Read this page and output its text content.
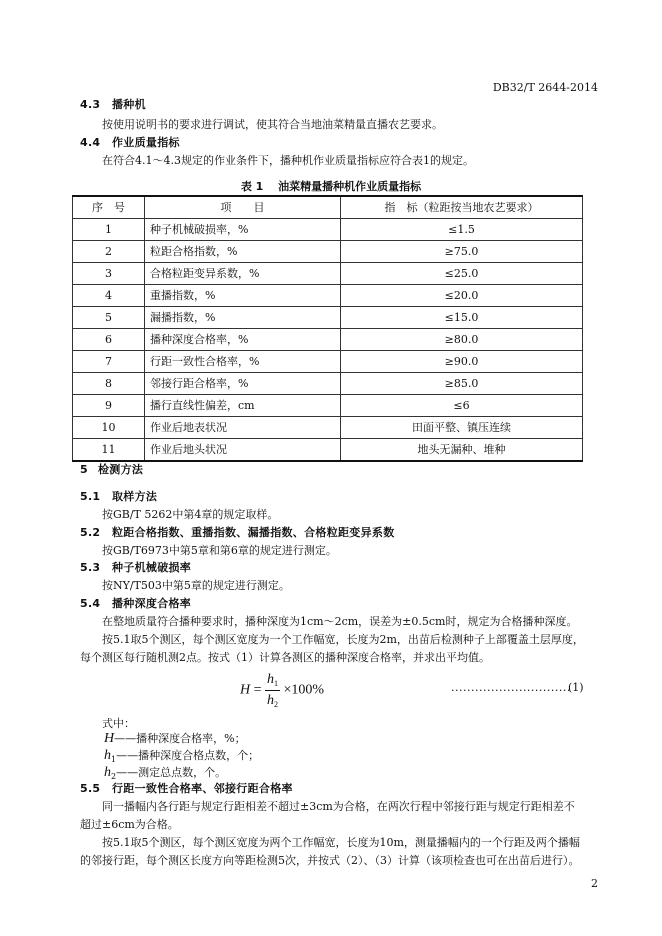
DB32/T 2644-2014
4.3 播种机
按使用说明书的要求进行调试，使其符合当地油菜精量直播农艺要求。
4.4 作业质量指标
在符合4.1～4.3规定的作业条件下，播种机作业质量指标应符合表1的规定。
表 1　 油菜精量播种机作业质量指标
序　号	项　　目	指　标（粒距按当地农艺要求）
1	种子机械破损率，%	≤1.5
2	粒距合格指数，%	≥75.0
3	合格粒距变异系数，%	≤25.0
4	重播指数，%	≤20.0
5	漏播指数，%	≤15.0
6	播种深度合格率，%	≥80.0
7	行距一致性合格率，%	≥90.0
8	邻接行距合格率，%	≥85.0
9	播行直线性偏差，cm	≤6
10	作业后地表状况	田面平整、镇压连续
11	作业后地头状况	地头无漏种、堆种
5 检测方法
5.1 取样方法
按GB/T 5262中第4章的规定取样。
5.2 粒距合格指数、重播指数、漏播指数、合格粒距变异系数
按GB/T6973中第5章和第6章的规定进行测定。
5.3 种子机械破损率
按NY/T503中第5章的规定进行测定。
5.4 播种深度合格率
在整地质量符合播种要求时，播种深度为1cm～2cm，误差为±0.5cm时，规定为合格播种深度。
按5.1取5个测区，每个测区宽度为一个工作幅宽，长度为2m，出苗后检测种子上部覆盖土层厚度，
每个测区每行随机测2点。按式（1）计算各测区的播种深度合格率，并求出平均值。
$H = \frac{h_1}{h_2} \times 100\%$	..............................
(1)
式中：
H——播种深度合格率，%；
$h_1——$播种深度合格点数，个；
$h_2——$测定总点数，个。
5.5 行距一致性合格率、邻接行距合格率
同一播幅内各行距与规定行距相差不超过±3cm为合格，在两次行程中邻接行距与规定行距相差不
超过±6cm为合格。
按5.1取5个测区，每个测区宽度为两个工作幅宽，长度为10m，测量播幅内的一个行距及两个播幅
的邻接行距，每个测区长度方向等距检测5次，并按式（2）、（3）计算（该项检查也可在出苗后进行）。
2
